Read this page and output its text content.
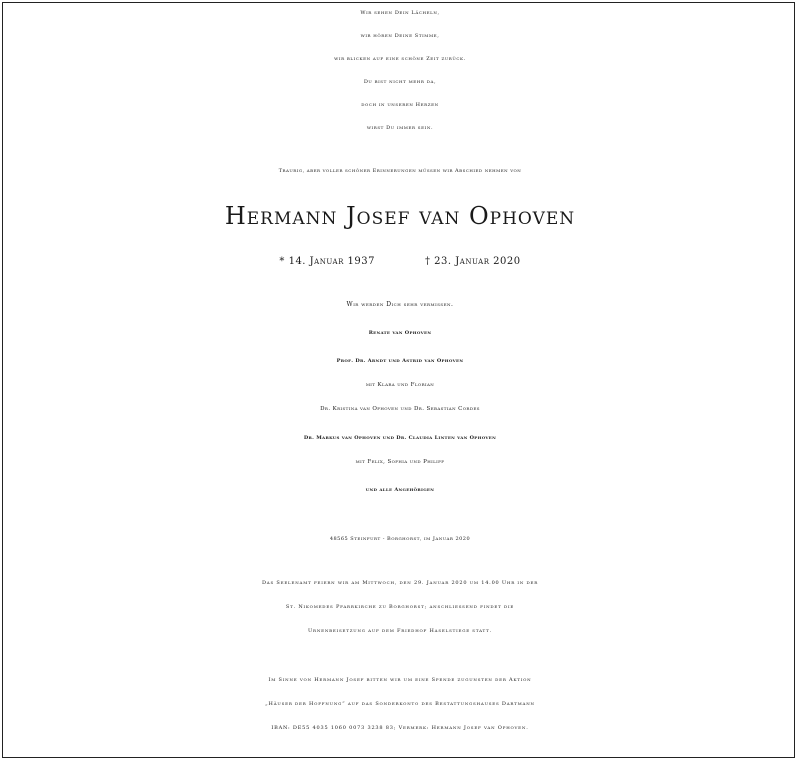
Wir sehen Dein Lächeln,
wir hören Deine Stimme,
wir blicken auf eine schöne Zeit zurück.
Du bist nicht mehr da,
doch in unseren Herzen
wirst Du immer sein.
Traurig, aber voller schöner Erinnerungen müssen wir Abschied nehmen von
Hermann Josef van Ophoven
* 14. Januar 1937	† 23. Januar 2020
Wir werden Dich sehr vermissen.
Renate van Ophoven
Prof. Dr. Arndt und Astrid van Ophoven
mit Klara und Florian
Dr. Kristina van Ophoven und Dr. Sebastian Cordes
Dr. Markus van Ophoven und Dr. Claudia Linten van Ophoven
mit Felix, Sophia und Philipp
und alle Angehörigen
48565 Steinfurt - Borghorst, im Januar 2020
Das Seelenamt feiern wir am Mittwoch, den 29. Januar 2020 um 14.00 Uhr in der
St. Nikomedes Pfarrkirche zu Borghorst; anschliessend findet die
Urnenbeisetzung auf dem Friedhof Haselstiege statt.
Im Sinne von Hermann Josef bitten wir um eine Spende zugunsten der Aktion
„Häuser der Hoffnung“ auf das Sonderkonto des Bestattungshauses Dartmann
IBAN: DE55 4035 1060 0073 3238 83; Vermerk: Hermann Josef van Ophoven.
